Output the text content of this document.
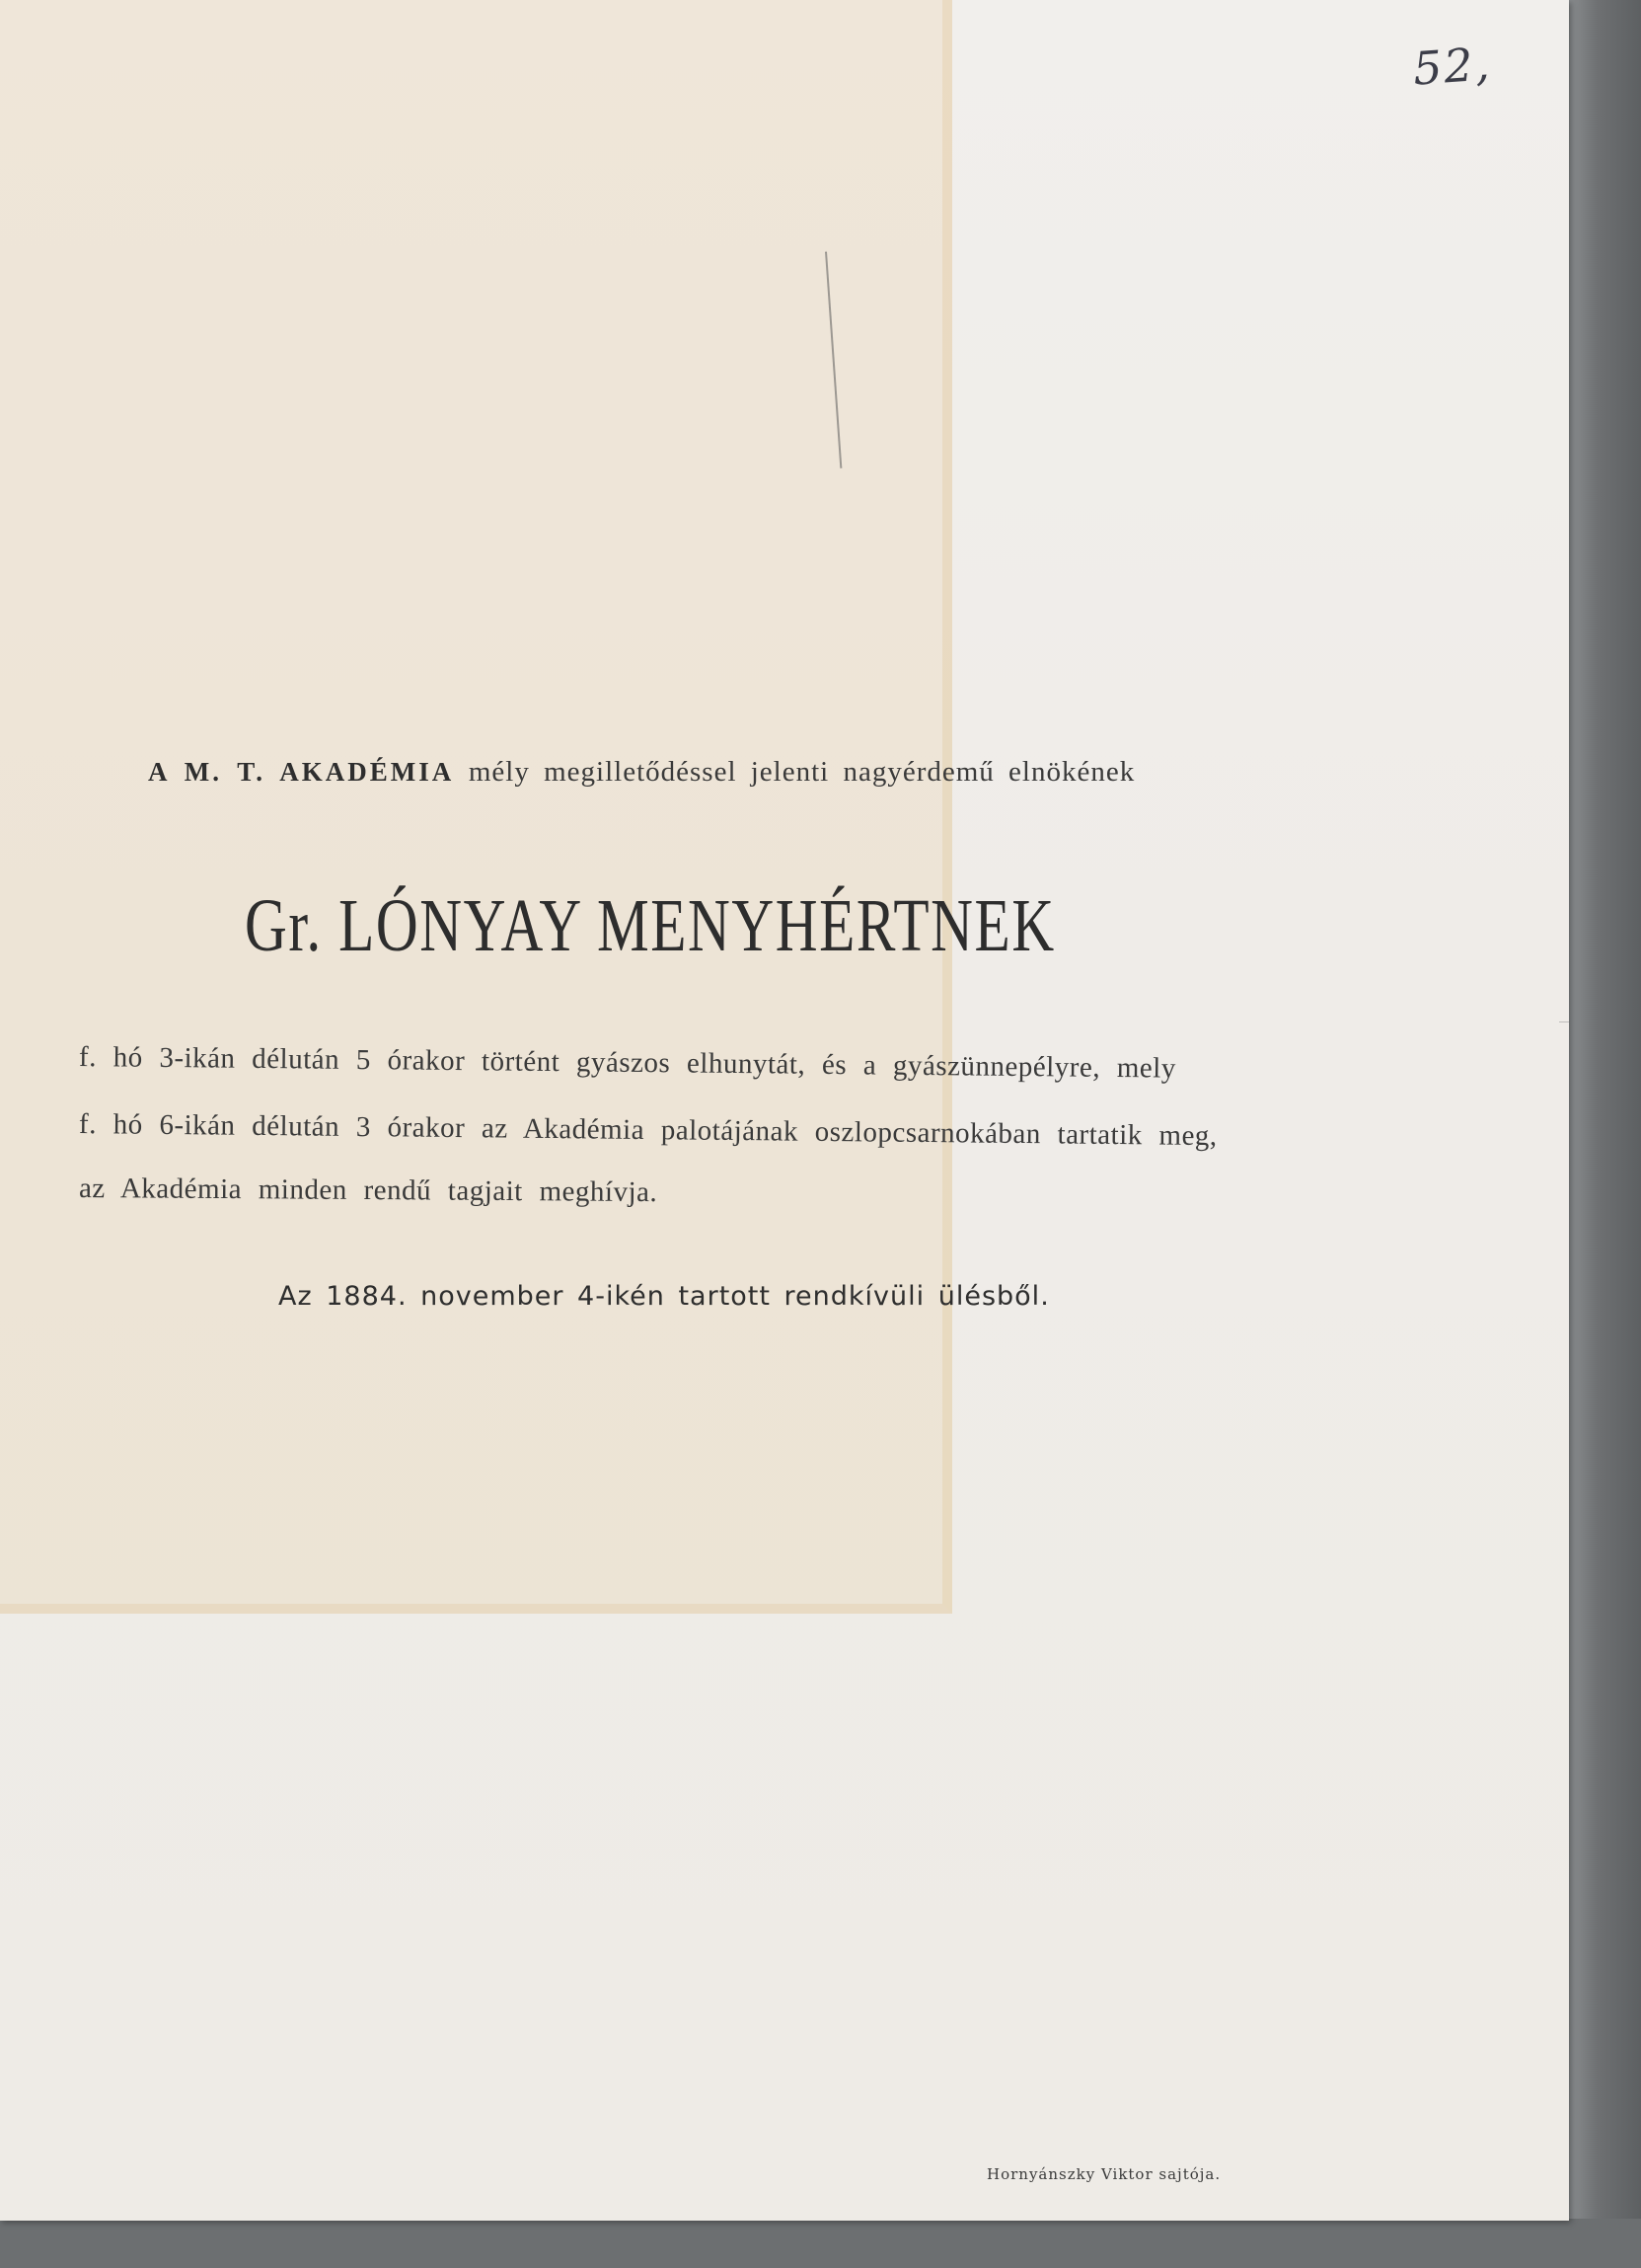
52,
A M. T. AKADÉMIA mély megilletődéssel jelenti nagyérdemű elnökének
Gr. LÓNYAY MENYHÉRTNEK
f. hó 3-ikán délután 5 órakor történt gyászos elhunytát, és a gyászünnepélyre, mely
f. hó 6-ikán délután 3 órakor az Akadémia palotájának oszlopcsarnokában tartatik meg,
az Akadémia minden rendű tagjait meghívja.
Az 1884. november 4-ikén tartott rendkívüli ülésből.
Hornyánszky Viktor sajtója.
